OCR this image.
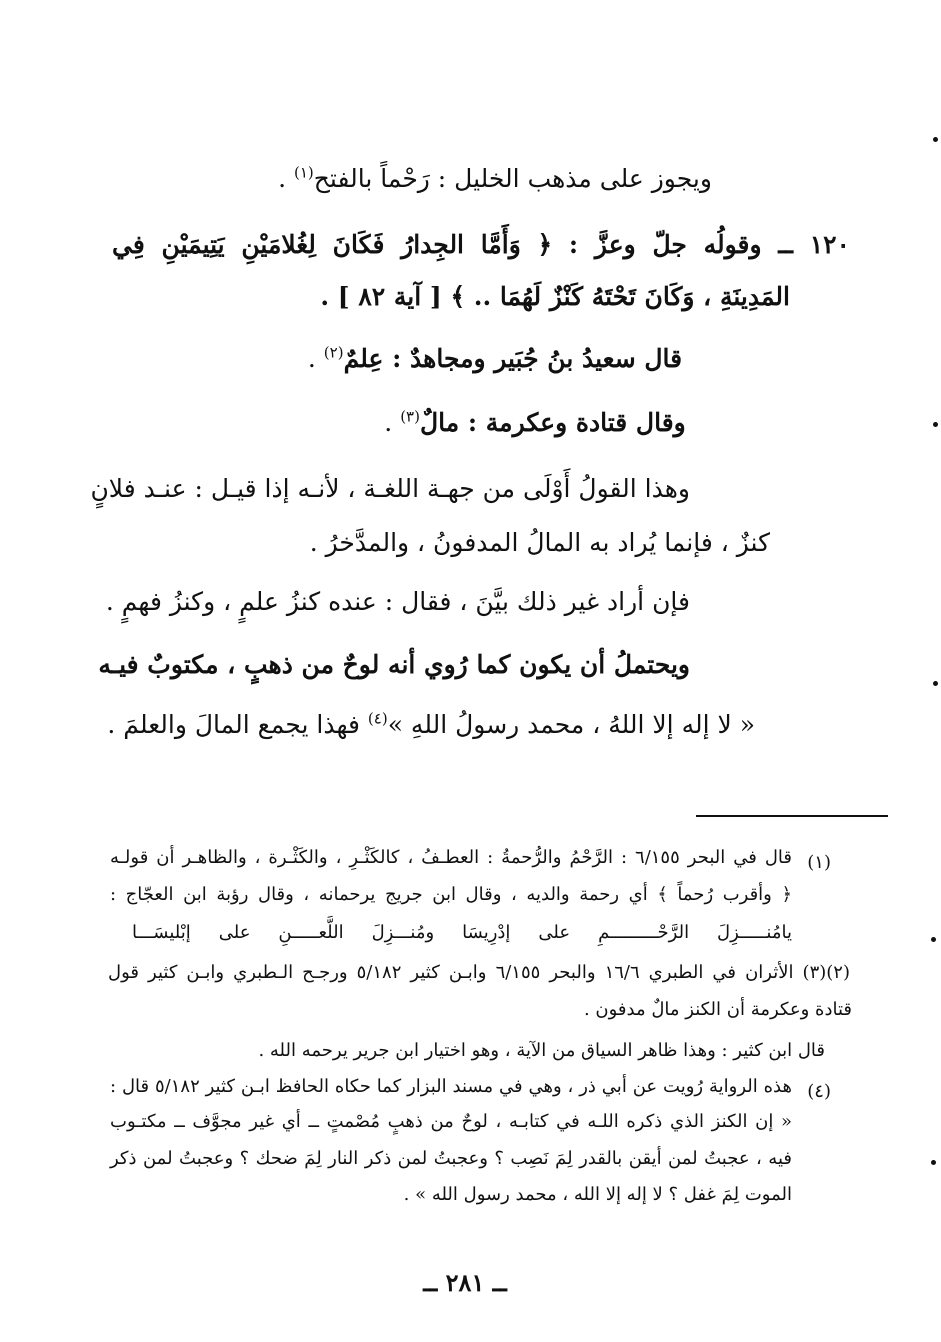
ويجوز على مذهب الخليل : رَحْماً بالفتح$^{(١)}$ .
١٢٠ ــ وقولُه جلّ وعزَّ : ﴿ وَأَمَّا الجِدارُ فَكَانَ لِغُلامَيْنِ يَتِيمَيْنِ فِي
المَدِينَةِ ، وَكَانَ تَحْتَهُ كَنْزٌ لَهُمَا .. ﴾ [ آية ٨٢ ] .
قال سعيدُ بنُ جُبَير ومجاهدٌ : عِلمٌ$^{(٢)}$ .
وقال قتادة وعكرمة : مالٌ$^{(٣)}$ .
وهذا القولُ أَوْلَى من جهـة اللغـة ، لأنـه إذا قيـل : عنـد فلانٍ
كنزٌ ، فإنما يُراد به المالُ المدفونُ ، والمدَّخرُ .
فإن أراد غير ذلك بيَّنَ ، فقال : عنده كنزُ علمٍ ، وكنزُ فهمٍ .
ويحتملُ أن يكون كما رُوي أنه لوحٌ من ذهبٍ ، مكتوبٌ فيـه
« لا إله إلا اللهُ ، محمد رسولُ اللهِ »$^{(٤)}$ فهذا يجمع المالَ والعلمَ .
(١)
قال في البحر ٦/١٥٥ : الرَّحْمُ والرُّحمةُ : العطـفُ ، كالكَثْـرِ ، والكَثْـرة ، والظاهـر أن قولـه
﴿ وأقرب رُحماً ﴾ أي رحمة والديه ، وقال ابن جريج يرحمانه ، وقال رؤبة ابن العجّاج :
يامُنـــــزِلَ الرَّحْـــــــــمِ على إدْرِيسَا ومُنـــزِلَ اللَّعـــــنِ على إبْليسَـــا
(٢)(٣) الأثران في الطبري ١٦/٦ والبحر ٦/١٥٥ وابـن كثير ٥/١٨٢ ورجـح الـطبري وابـن كثير قول
قتادة وعكرمة أن الكنز مالٌ مدفون .
قال ابن كثير : وهذا ظاهر السياق من الآية ، وهو اختيار ابن جرير يرحمه الله .
(٤)
هذه الرواية رُويت عن أبي ذر ، وهي في مسند البزار كما حكاه الحافظ ابـن كثير ٥/١٨٢ قال :
« إن الكنز الذي ذكره اللـه في كتابـه ، لوحٌ من ذهبٍ مُصْمتٍ ــ أي غير مجوَّف ــ مكتـوب
فيه ، عجبتُ لمن أيقن بالقدر لِمَ نَصِب ؟ وعجبتُ لمن ذكر النار لِمَ ضحك ؟ وعجبتُ لمن ذكر
الموت لِمَ غفل ؟ لا إله إلا الله ، محمد رسول الله » .
ــ ٢٨١ ــ
